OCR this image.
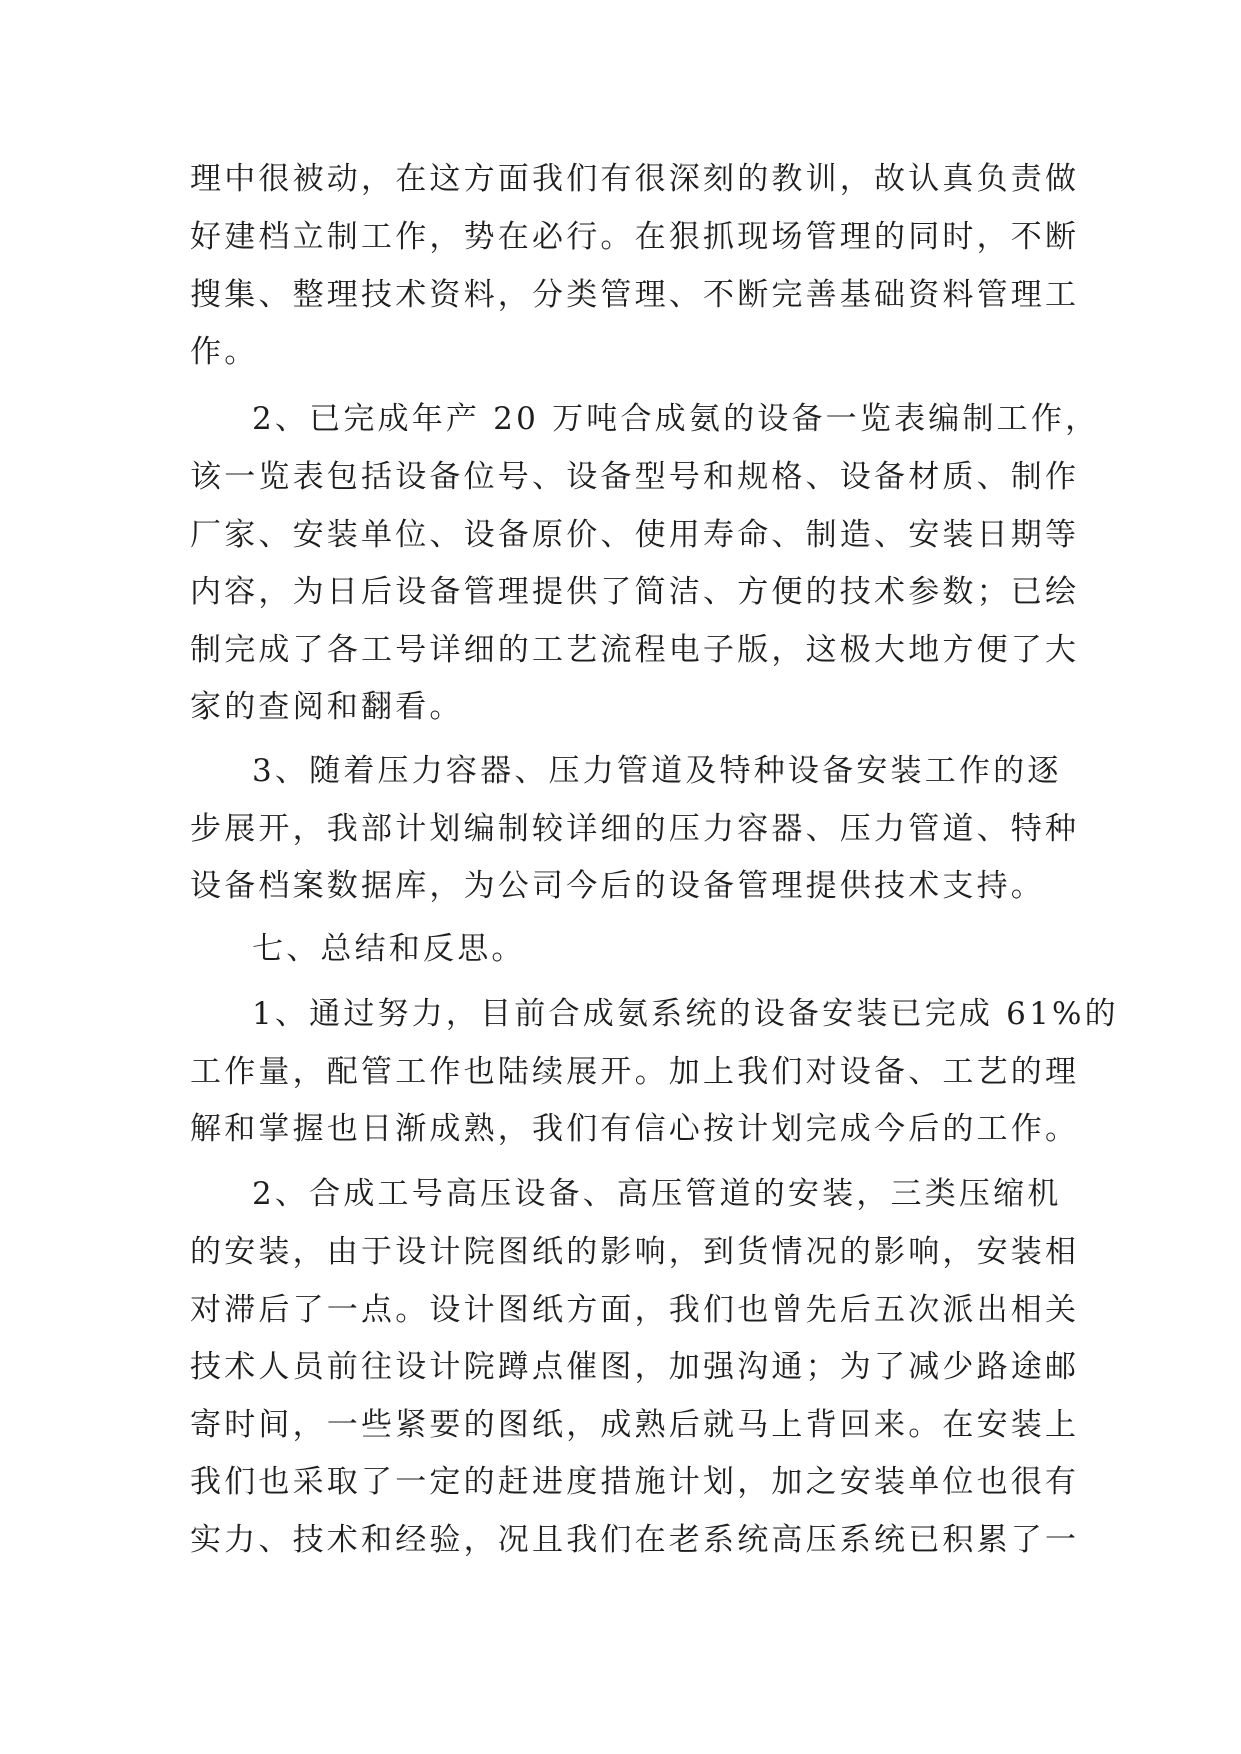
理中很被动，在这方面我们有很深刻的教训，故认真负责做
好建档立制工作，势在必行。在狠抓现场管理的同时，不断
搜集、整理技术资料，分类管理、不断完善基础资料管理工
作。
2、已完成年产 20 万吨合成氨的设备一览表编制工作，
该一览表包括设备位号、设备型号和规格、设备材质、制作
厂家、安装单位、设备原价、使用寿命、制造、安装日期等
内容，为日后设备管理提供了简洁、方便的技术参数；已绘
制完成了各工号详细的工艺流程电子版，这极大地方便了大
家的查阅和翻看。
3、随着压力容器、压力管道及特种设备安装工作的逐
步展开，我部计划编制较详细的压力容器、压力管道、特种
设备档案数据库，为公司今后的设备管理提供技术支持。
七、总结和反思。
1、通过努力，目前合成氨系统的设备安装已完成 61%的
工作量，配管工作也陆续展开。加上我们对设备、工艺的理
解和掌握也日渐成熟，我们有信心按计划完成今后的工作。
2、合成工号高压设备、高压管道的安装，三类压缩机
的安装，由于设计院图纸的影响，到货情况的影响，安装相
对滞后了一点。设计图纸方面，我们也曾先后五次派出相关
技术人员前往设计院蹲点催图，加强沟通；为了减少路途邮
寄时间，一些紧要的图纸，成熟后就马上背回来。在安装上
我们也采取了一定的赶进度措施计划，加之安装单位也很有
实力、技术和经验，况且我们在老系统高压系统已积累了一
